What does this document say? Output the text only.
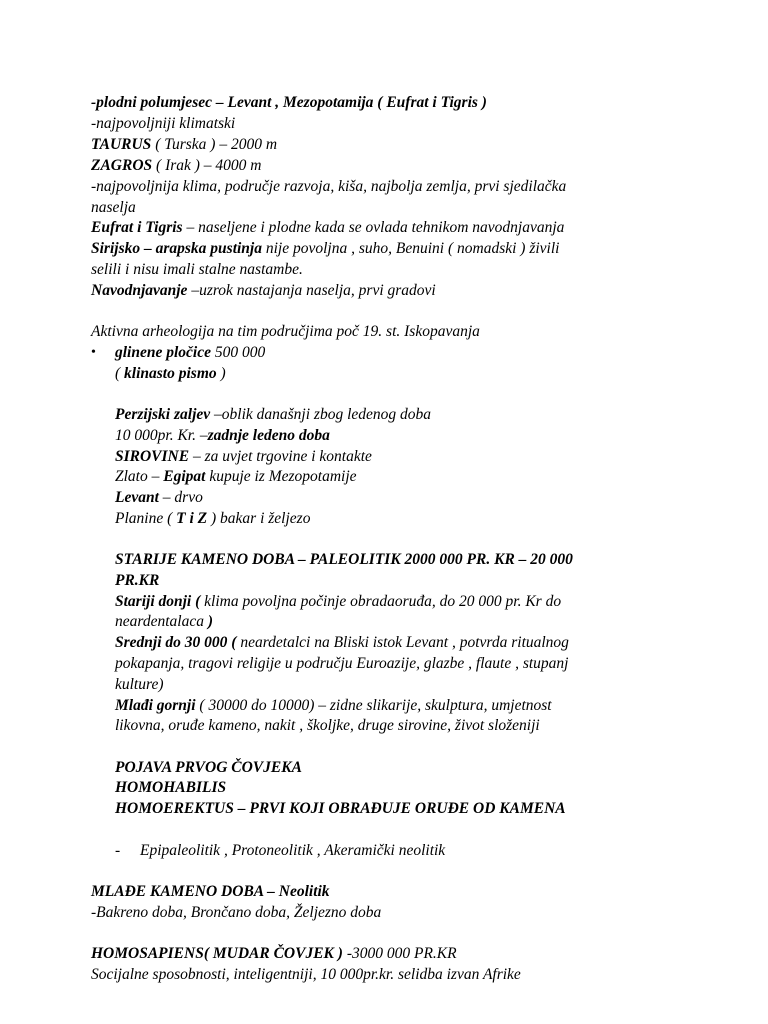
-plodni polumjesec – Levant , Mezopotamija ( Eufrat i Tigris )
-najpovoljniji klimatski
TAURUS ( Turska ) – 2000 m
ZAGROS ( Irak ) – 4000 m
-najpovoljnija klima, područje razvoja, kiša, najbolja zemlja, prvi sjedilačka
naselja
Eufrat i Tigris – naseljene i plodne kada se ovlada tehnikom navodnjavanja
Sirijsko – arapska pustinja nije povoljna , suho, Benuini ( nomadski ) živili
selili i nisu imali stalne nastambe.
Navodnjavanje –uzrok nastajanja naselja, prvi gradovi
Aktivna arheologija na tim područjima poč 19. st. Iskopavanja
• glinene pločice 500 000
( klinasto pismo )
Perzijski zaljev –oblik današnji zbog ledenog doba
10 000pr. Kr. –zadnje ledeno doba
SIROVINE – za uvjet trgovine i kontakte
Zlato – Egipat kupuje iz Mezopotamije
Levant – drvo
Planine ( T i Z ) bakar i željezo
STARIJE KAMENO DOBA – PALEOLITIK 2000 000 PR. KR – 20 000
PR.KR
Stariji donji ( klima povoljna počinje obradaoruđa, do 20 000 pr. Kr do
neardentalaca )
Srednji do 30 000 ( neardetalci na Bliski istok Levant , potvrda ritualnog
pokapanja, tragovi religije u području Euroazije, glazbe , flaute , stupanj
kulture)
Mlađi gornji ( 30000 do 10000) – zidne slikarije, skulptura, umjetnost
likovna, oruđe kameno, nakit , školjke, druge sirovine, život složeniji
POJAVA PRVOG ČOVJEKA
HOMOHABILIS
HOMOEREKTUS – PRVI KOJI OBRAĐUJE ORUĐE OD KAMENA
- Epipaleolitik , Protoneolitik , Akeramički neolitik
MLAĐE KAMENO DOBA – Neolitik
-Bakreno doba, Brončano doba, Željezno doba
HOMOSAPIENS( MUDAR ČOVJEK ) -3000 000 PR.KR
Socijalne sposobnosti, inteligentniji, 10 000pr.kr. selidba izvan Afrike
